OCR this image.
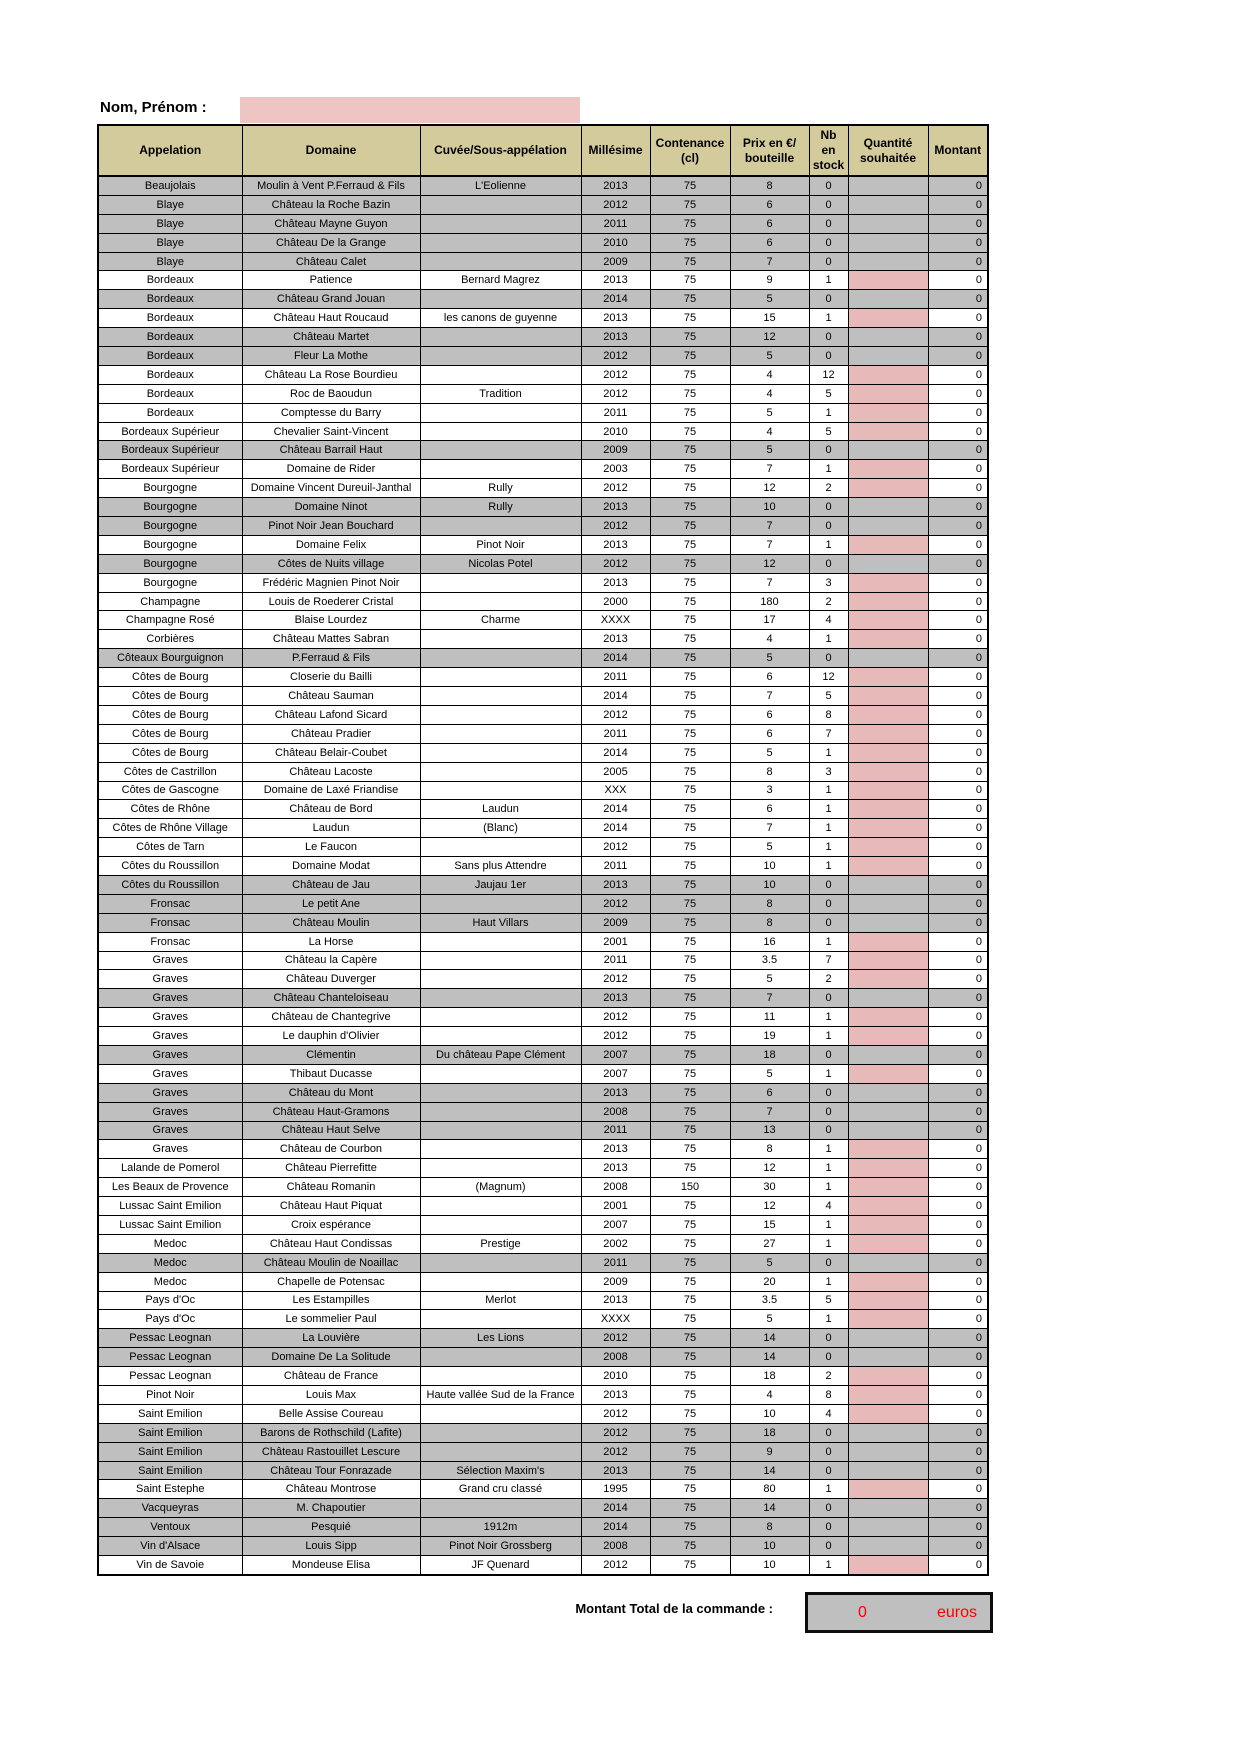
Nom, Prénom :
Appelation	Domaine	Cuvée/Sous-appélation	Millésime	Contenance (cl)	Prix en €/ bouteille	Nb en stock	Quantité souhaitée	Montant
Beaujolais	Moulin à Vent P.Ferraud & Fils	L'Eolienne	2013	75	8	0		0
Blaye	Château la Roche Bazin		2012	75	6	0		0
Blaye	Château Mayne Guyon		2011	75	6	0		0
Blaye	Château De la Grange		2010	75	6	0		0
Blaye	Château Calet		2009	75	7	0		0
Bordeaux	Patience	Bernard Magrez	2013	75	9	1		0
Bordeaux	Château Grand Jouan		2014	75	5	0		0
Bordeaux	Château Haut Roucaud	les canons de guyenne	2013	75	15	1		0
Bordeaux	Château Martet		2013	75	12	0		0
Bordeaux	Fleur La Mothe		2012	75	5	0		0
Bordeaux	Château La Rose Bourdieu		2012	75	4	12		0
Bordeaux	Roc de Baoudun	Tradition	2012	75	4	5		0
Bordeaux	Comptesse du Barry		2011	75	5	1		0
Bordeaux Supérieur	Chevalier Saint-Vincent		2010	75	4	5		0
Bordeaux Supérieur	Château Barrail Haut		2009	75	5	0		0
Bordeaux Supérieur	Domaine de Rider		2003	75	7	1		0
Bourgogne	Domaine Vincent Dureuil-Janthal	Rully	2012	75	12	2		0
Bourgogne	Domaine Ninot	Rully	2013	75	10	0		0
Bourgogne	Pinot Noir Jean Bouchard		2012	75	7	0		0
Bourgogne	Domaine Felix	Pinot Noir	2013	75	7	1		0
Bourgogne	Côtes de Nuits village	Nicolas Potel	2012	75	12	0		0
Bourgogne	Frédéric Magnien Pinot Noir		2013	75	7	3		0
Champagne	Louis de Roederer Cristal		2000	75	180	2		0
Champagne Rosé	Blaise Lourdez	Charme	XXXX	75	17	4		0
Corbières	Château Mattes Sabran		2013	75	4	1		0
Côteaux Bourguignon	P.Ferraud & Fils		2014	75	5	0		0
Côtes de Bourg	Closerie du Bailli		2011	75	6	12		0
Côtes de Bourg	Château Sauman		2014	75	7	5		0
Côtes de Bourg	Château Lafond Sicard		2012	75	6	8		0
Côtes de Bourg	Château Pradier		2011	75	6	7		0
Côtes de Bourg	Château Belair-Coubet		2014	75	5	1		0
Côtes de Castrillon	Château Lacoste		2005	75	8	3		0
Côtes de Gascogne	Domaine de Laxé Friandise		XXX	75	3	1		0
Côtes de Rhône	Château de Bord	Laudun	2014	75	6	1		0
Côtes de Rhône Village	Laudun	(Blanc)	2014	75	7	1		0
Côtes de Tarn	Le Faucon		2012	75	5	1		0
Côtes du Roussillon	Domaine Modat	Sans plus Attendre	2011	75	10	1		0
Côtes du Roussillon	Château de Jau	Jaujau 1er	2013	75	10	0		0
Fronsac	Le petit Ane		2012	75	8	0		0
Fronsac	Château Moulin	Haut Villars	2009	75	8	0		0
Fronsac	La Horse		2001	75	16	1		0
Graves	Château la Capère		2011	75	3.5	7		0
Graves	Château Duverger		2012	75	5	2		0
Graves	Château Chanteloiseau		2013	75	7	0		0
Graves	Château de Chantegrive		2012	75	11	1		0
Graves	Le dauphin d'Olivier		2012	75	19	1		0
Graves	Clémentin	Du château Pape Clément	2007	75	18	0		0
Graves	Thibaut Ducasse		2007	75	5	1		0
Graves	Château du Mont		2013	75	6	0		0
Graves	Château Haut-Gramons		2008	75	7	0		0
Graves	Château Haut Selve		2011	75	13	0		0
Graves	Château de Courbon		2013	75	8	1		0
Lalande de Pomerol	Château Pierrefitte		2013	75	12	1		0
Les Beaux de Provence	Château Romanin	(Magnum)	2008	150	30	1		0
Lussac Saint Emilion	Château Haut Piquat		2001	75	12	4		0
Lussac Saint Emilion	Croix espérance		2007	75	15	1		0
Medoc	Château Haut Condissas	Prestige	2002	75	27	1		0
Medoc	Château Moulin de Noaillac		2011	75	5	0		0
Medoc	Chapelle de Potensac		2009	75	20	1		0
Pays d'Oc	Les Estampilles	Merlot	2013	75	3.5	5		0
Pays d'Oc	Le sommelier Paul		XXXX	75	5	1		0
Pessac Leognan	La Louvière	Les Lions	2012	75	14	0		0
Pessac Leognan	Domaine De La Solitude		2008	75	14	0		0
Pessac Leognan	Château de France		2010	75	18	2		0
Pinot Noir	Louis Max	Haute vallée Sud de la France	2013	75	4	8		0
Saint Emilion	Belle Assise Coureau		2012	75	10	4		0
Saint Emilion	Barons de Rothschild (Lafite)		2012	75	18	0		0
Saint Emilion	Château Rastouillet Lescure		2012	75	9	0		0
Saint Emilion	Château Tour Fonrazade	Sélection Maxim's	2013	75	14	0		0
Saint Estephe	Château Montrose	Grand cru classé	1995	75	80	1		0
Vacqueyras	M. Chapoutier		2014	75	14	0		0
Ventoux	Pesquié	1912m	2014	75	8	0		0
Vin d'Alsace	Louis Sipp	Pinot Noir Grossberg	2008	75	10	0		0
Vin de Savoie	Mondeuse Elisa	JF Quenard	2012	75	10	1		0
Montant Total de la commande :	0	euros
